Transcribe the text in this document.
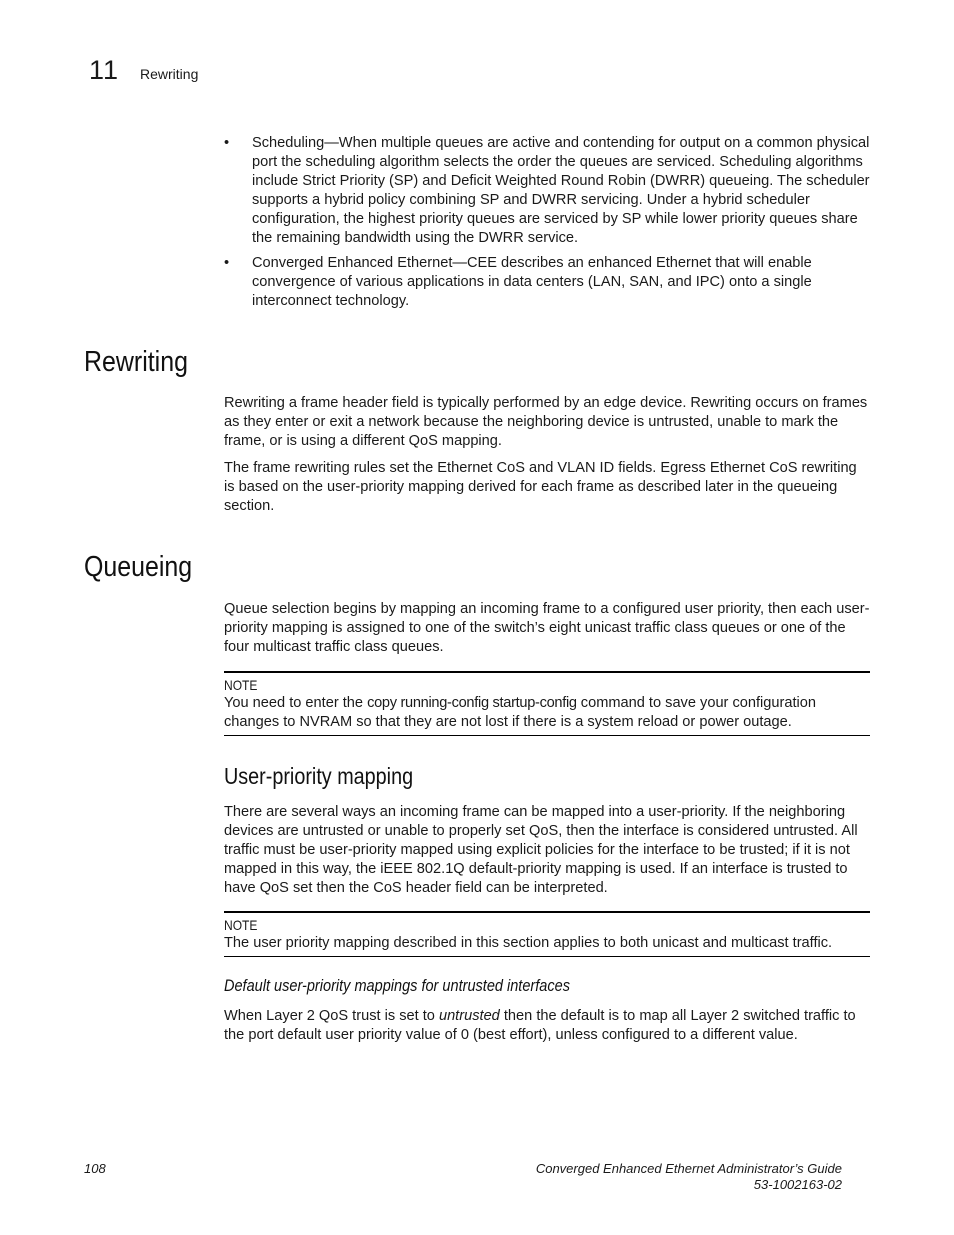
11 Rewriting
• Scheduling—When multiple queues are active and contending for output on a common physical port the scheduling algorithm selects the order the queues are serviced. Scheduling algorithms include Strict Priority (SP) and Deficit Weighted Round Robin (DWRR) queueing. The scheduler supports a hybrid policy combining SP and DWRR servicing. Under a hybrid scheduler configuration, the highest priority queues are serviced by SP while lower priority queues share the remaining bandwidth using the DWRR service.

• Converged Enhanced Ethernet—CEE describes an enhanced Ethernet that will enable convergence of various applications in data centers (LAN, SAN, and IPC) onto a single interconnect technology.

Rewriting

Rewriting a frame header field is typically performed by an edge device. Rewriting occurs on frames as they enter or exit a network because the neighboring device is untrusted, unable to mark the frame, or is using a different QoS mapping.

The frame rewriting rules set the Ethernet CoS and VLAN ID fields. Egress Ethernet CoS rewriting is based on the user-priority mapping derived for each frame as described later in the queueing section.

Queueing

Queue selection begins by mapping an incoming frame to a configured user priority, then each user-priority mapping is assigned to one of the switch’s eight unicast traffic class queues or one of the four multicast traffic class queues.

NOTE

You need to enter the copy running-config startup-config command to save your configuration changes to NVRAM so that they are not lost if there is a system reload or power outage.

User-priority mapping

There are several ways an incoming frame can be mapped into a user-priority. If the neighboring devices are untrusted or unable to properly set QoS, then the interface is considered untrusted. All traffic must be user-priority mapped using explicit policies for the interface to be trusted; if it is not mapped in this way, the iEEE 802.1Q default-priority mapping is used. If an interface is trusted to have QoS set then the CoS header field can be interpreted.

NOTE

The user priority mapping described in this section applies to both unicast and multicast traffic.

Default user-priority mappings for untrusted interfaces

When Layer 2 QoS trust is set to untrusted then the default is to map all Layer 2 switched traffic to the port default user priority value of 0 (best effort), unless configured to a different value.

108	Converged Enhanced Ethernet Administrator’s Guide
53-1002163-02
